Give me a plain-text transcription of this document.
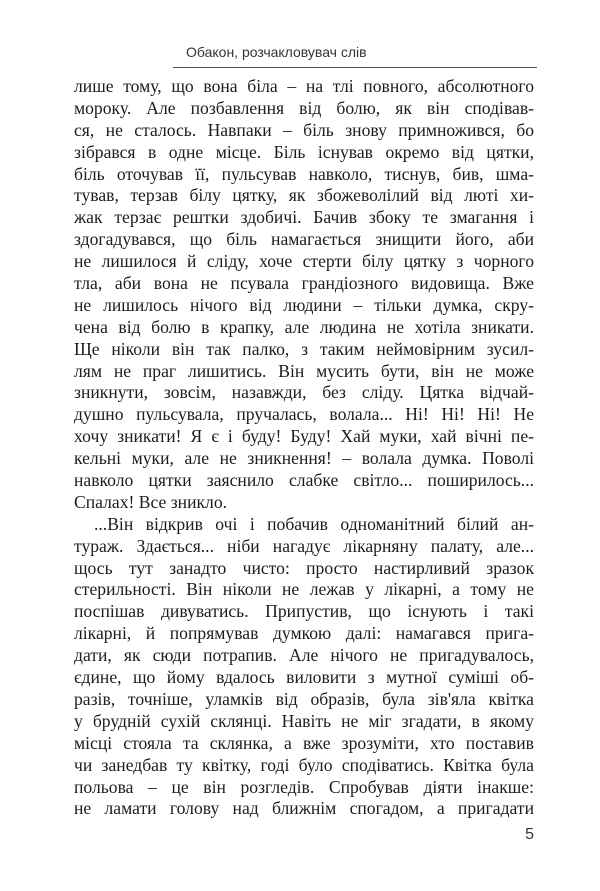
Обакон, розчакловувач слів
лише тому, що вона біла – на тлі повного, абсолютного
мороку. Але позбавлення від болю, як він сподівав-
ся, не сталось. Навпаки – біль знову примножився, бо
зібрався в одне місце. Біль існував окремо від цятки,
біль оточував її, пульсував навколо, тиснув, бив, шма-
тував, терзав білу цятку, як збожеволілий від люті хи-
жак терзає рештки здобичі. Бачив збоку те змагання і
здогадувався, що біль намагається знищити його, аби
не лишилося й сліду, хоче стерти білу цятку з чорного
тла, аби вона не псувала грандіозного видовища. Вже
не лишилось нічого від людини – тільки думка, скру-
чена від болю в крапку, але людина не хотіла зникати.
Ще ніколи він так палко, з таким неймовірним зусил-
лям не праг лишитись. Він мусить бути, він не може
зникнути, зовсім, назавжди, без сліду. Цятка відчай-
душно пульсувала, пручалась, волала... Ні! Ні! Ні! Не
хочу зникати! Я є і буду! Буду! Хай муки, хай вічні пе-
кельні муки, але не зникнення! – волала думка. Поволі
навколо цятки заяснило слабке світло... поширилось...
Спалах! Все зникло.
...Він відкрив очі і побачив одноманітний білий ан-
тураж. Здається... ніби нагадує лікарняну палату, але...
щось тут занадто чисто: просто настирливий зразок
стерильності. Він ніколи не лежав у лікарні, а тому не
поспішав дивуватись. Припустив, що існують і такі
лікарні, й попрямував думкою далі: намагався прига-
дати, як сюди потрапив. Але нічого не пригадувалось,
єдине, що йому вдалось виловити з мутної суміші об-
разів, точніше, уламків від образів, була зів'яла квітка
у брудній сухій склянці. Навіть не міг згадати, в якому
місці стояла та склянка, а вже зрозуміти, хто поставив
чи занедбав ту квітку, годі було сподіватись. Квітка була
польова – це він розгледів. Спробував діяти інакше:
не ламати голову над ближнім спогадом, а пригадати
5
